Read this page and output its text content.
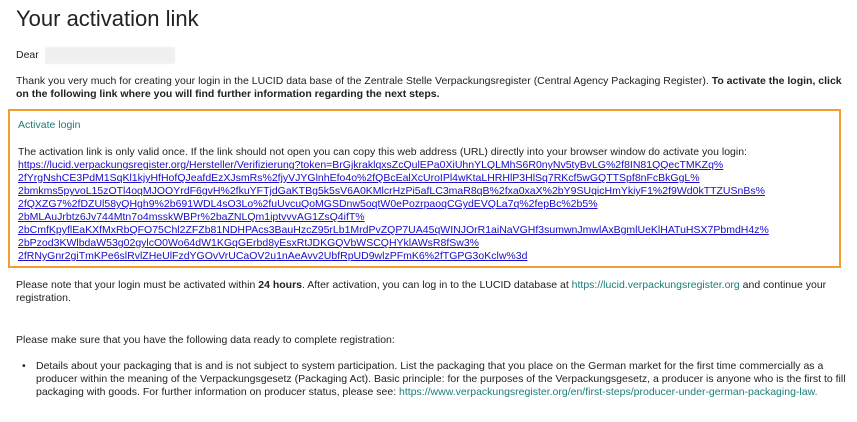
Your activation link
Dear

Thank you very much for creating your login in the LUCID data base of the Zentrale Stelle Verpackungsregister (Central Agency Packaging Register). To activate the login, click on the following link where you will find further information regarding the next steps.

Activate login

The activation link is only valid once. If the link should not open you can copy this web address (URL) directly into your browser window do activate you login:

https://lucid.verpackungsregister.org/Hersteller/Verifizierung?token=BrGjkraklqxsZcQulEPa0XiUhnYLQLMhS6R0nyNv5tyBvLG%2f8IN81QQecTMKZq%
2fYrgNshCE3PdM1SqKl1kjyHfHofQJeafdEzXJsmRs%2fjyVJYGlnhEfo4o%2fQBcEalXcUroIPl4wKtaLHRHlP3HlSq7RKcf5wGQTTSpf8nFcBkGgL%
2bmkms5pyvoL15zOTl4oqMJOOYrdF6gvH%2fkuYFTjdGaKTBg5k5sV6A0KMlcrHzPi5afLC3maR8qB%2fxa0xaX%2bY9SUqicHmYkiyF1%2f9Wd0kTTZUSnBs%
2fQXZG7%2fDZUl58yQHgh9%2b691WDL4sO3Lo%2fuUvcuQoMGSDnw5oqtW0ePozrpaoqCGydEVQLa7q%2fepBc%2b5%
2bMLAuJrbtz6Jv744Mtn7o4msskWBPr%2baZNLQm1iptvvvAG1ZsQ4ifT%
2bCmfKpyflEaKXfMxRbQFO75Chl2ZFZb81NDHPAcs3BauHzcZ95rLb1MrdPvZQP7UA45qWINJOrR1aiNaVGHf3sumwnJmwlAxBgmlUeKlHATuHSX7PbmdH4z%
2bPzod3KWlbdaW53g02gylcO0Wo64dW1KGqGErbd8yEsxRtJDKGQVbWSCQHYklAWsR8fSw3%
2fRNyGnr2giTmKPe6slRvlZHeUlFzdYGOvVrUCaOV2u1nAeAvv2UbfRpUD9wlzPFmK6%2fTGPG3oKclw%3d

Please note that your login must be activated within 24 hours. After activation, you can log in to the LUCID database at https://lucid.verpackungsregister.org and continue your registration.

Please make sure that you have the following data ready to complete registration:

• Details about your packaging that is and is not subject to system participation. List the packaging that you place on the German market for the first time commercially as a producer within the meaning of the Verpackungsgesetz (Packaging Act). Basic principle: for the purposes of the Verpackungsgesetz, a producer is anyone who is the first to fill packaging with goods. For further information on producer status, please see: https://www.verpackungsregister.org/en/first-steps/producer-under-german-packaging-law.
